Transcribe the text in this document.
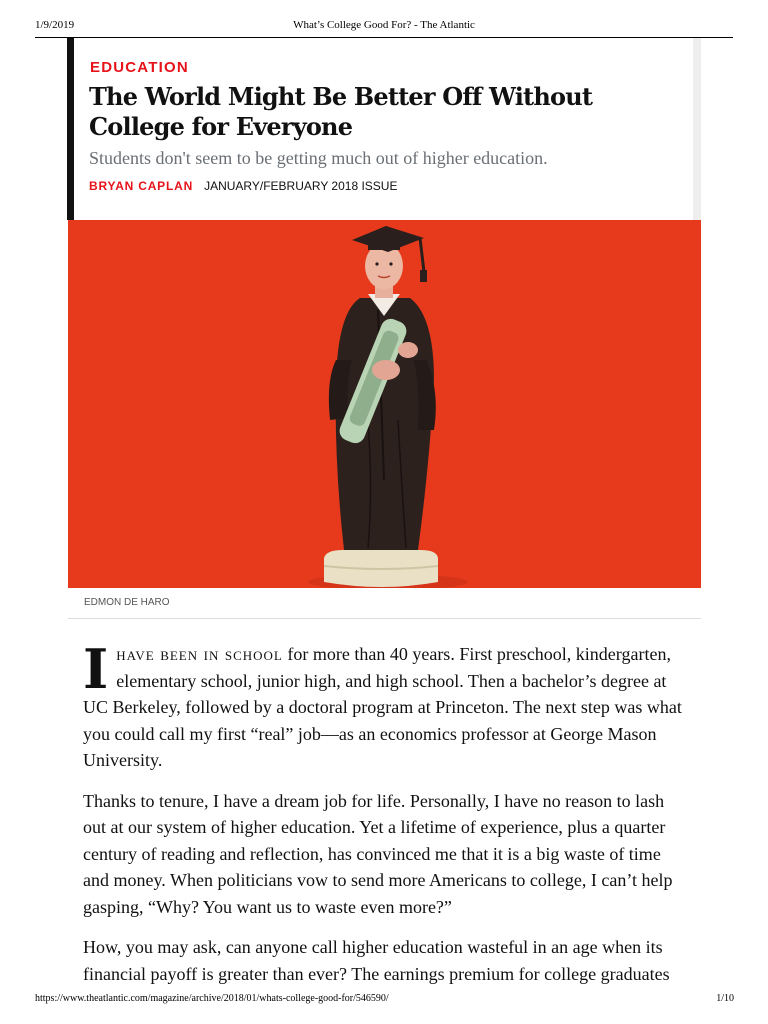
1/9/2019	What’s College Good For? - The Atlantic
EDUCATION
The World Might Be Better Off Without
College for Everyone
Students don't seem to be getting much out of higher education.
BRYAN CAPLAN JANUARY/FEBRUARY 2018 ISSUE
EDMON DE HARO

Ihave been in school for more than 40 years. First preschool, kindergarten, elementary school, junior high, and high school. Then a bachelor’s degree at UC Berkeley, followed by a doctoral program at Princeton. The next step was what you could call my first “real” job—as an economics professor at George Mason University.

Thanks to tenure, I have a dream job for life. Personally, I have no reason to lash out at our system of higher education. Yet a lifetime of experience, plus a quarter century of reading and reflection, has convinced me that it is a big waste of time and money. When politicians vow to send more Americans to college, I can’t help gasping, “Why? You want us to waste even more?”

How, you may ask, can anyone call higher education wasteful in an age when its financial payoff is greater than ever? The earnings premium for college graduates

https://www.theatlantic.com/magazine/archive/2018/01/whats-college-good-for/546590/	1/10
